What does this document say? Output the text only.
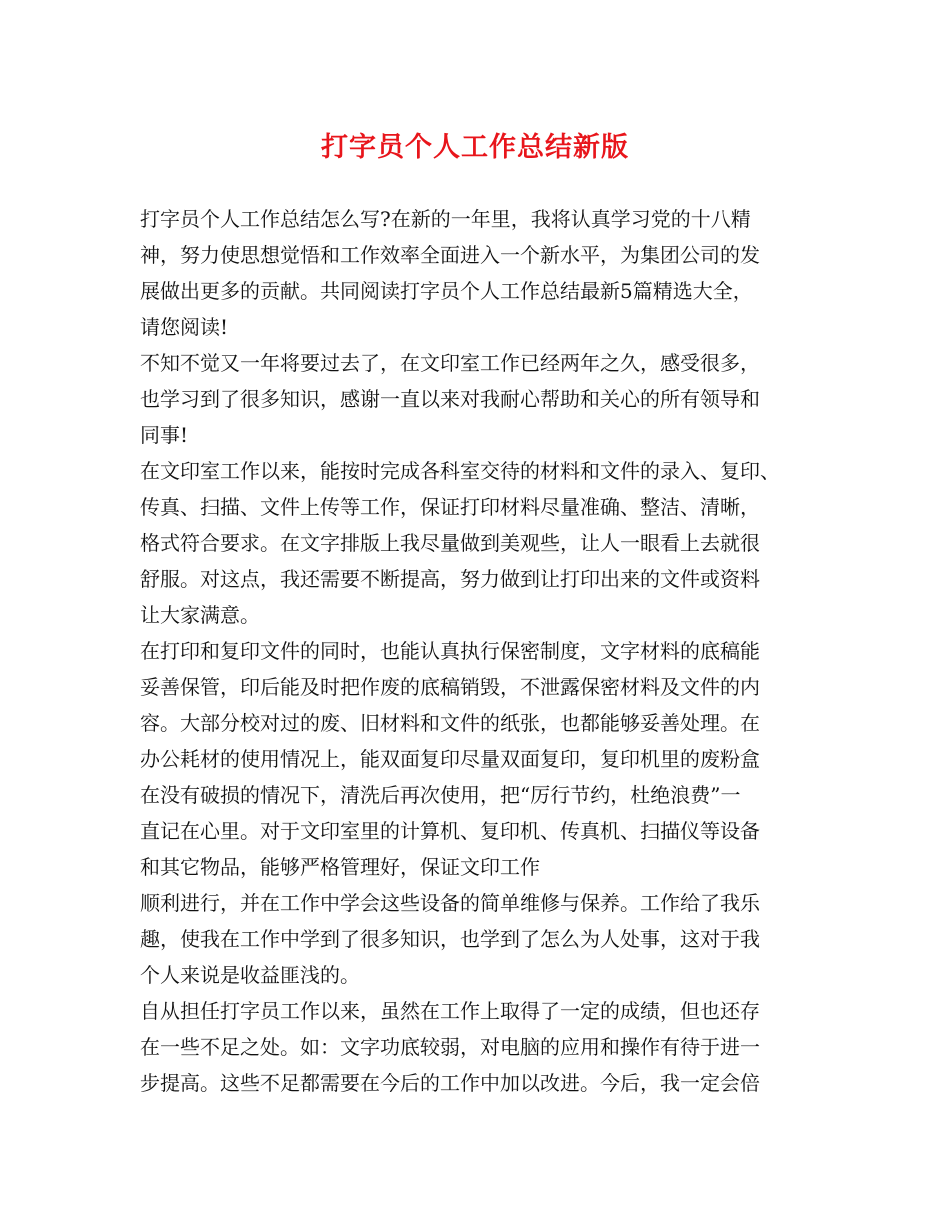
打字员个人工作总结新版
打字员个人工作总结怎么写?在新的一年里，我将认真学习党的十八精
神，努力使思想觉悟和工作效率全面进入一个新水平，为集团公司的发
展做出更多的贡献。共同阅读打字员个人工作总结最新5篇精选大全，
请您阅读!
不知不觉又一年将要过去了，在文印室工作已经两年之久，感受很多，
也学习到了很多知识，感谢一直以来对我耐心帮助和关心的所有领导和
同事!
在文印室工作以来，能按时完成各科室交待的材料和文件的录入、复印、
传真、扫描、文件上传等工作，保证打印材料尽量准确、整洁、清晰，
格式符合要求。在文字排版上我尽量做到美观些，让人一眼看上去就很
舒服。对这点，我还需要不断提高，努力做到让打印出来的文件或资料
让大家满意。
在打印和复印文件的同时，也能认真执行保密制度，文字材料的底稿能
妥善保管，印后能及时把作废的底稿销毁，不泄露保密材料及文件的内
容。大部分校对过的废、旧材料和文件的纸张，也都能够妥善处理。在
办公耗材的使用情况上，能双面复印尽量双面复印，复印机里的废粉盒
在没有破损的情况下，清洗后再次使用，把“厉行节约，杜绝浪费”一
直记在心里。对于文印室里的计算机、复印机、传真机、扫描仪等设备
和其它物品，能够严格管理好，保证文印工作
顺利进行，并在工作中学会这些设备的简单维修与保养。工作给了我乐
趣，使我在工作中学到了很多知识，也学到了怎么为人处事，这对于我
个人来说是收益匪浅的。
自从担任打字员工作以来，虽然在工作上取得了一定的成绩，但也还存
在一些不足之处。如：文字功底较弱，对电脑的应用和操作有待于进一
步提高。这些不足都需要在今后的工作中加以改进。今后，我一定会倍
